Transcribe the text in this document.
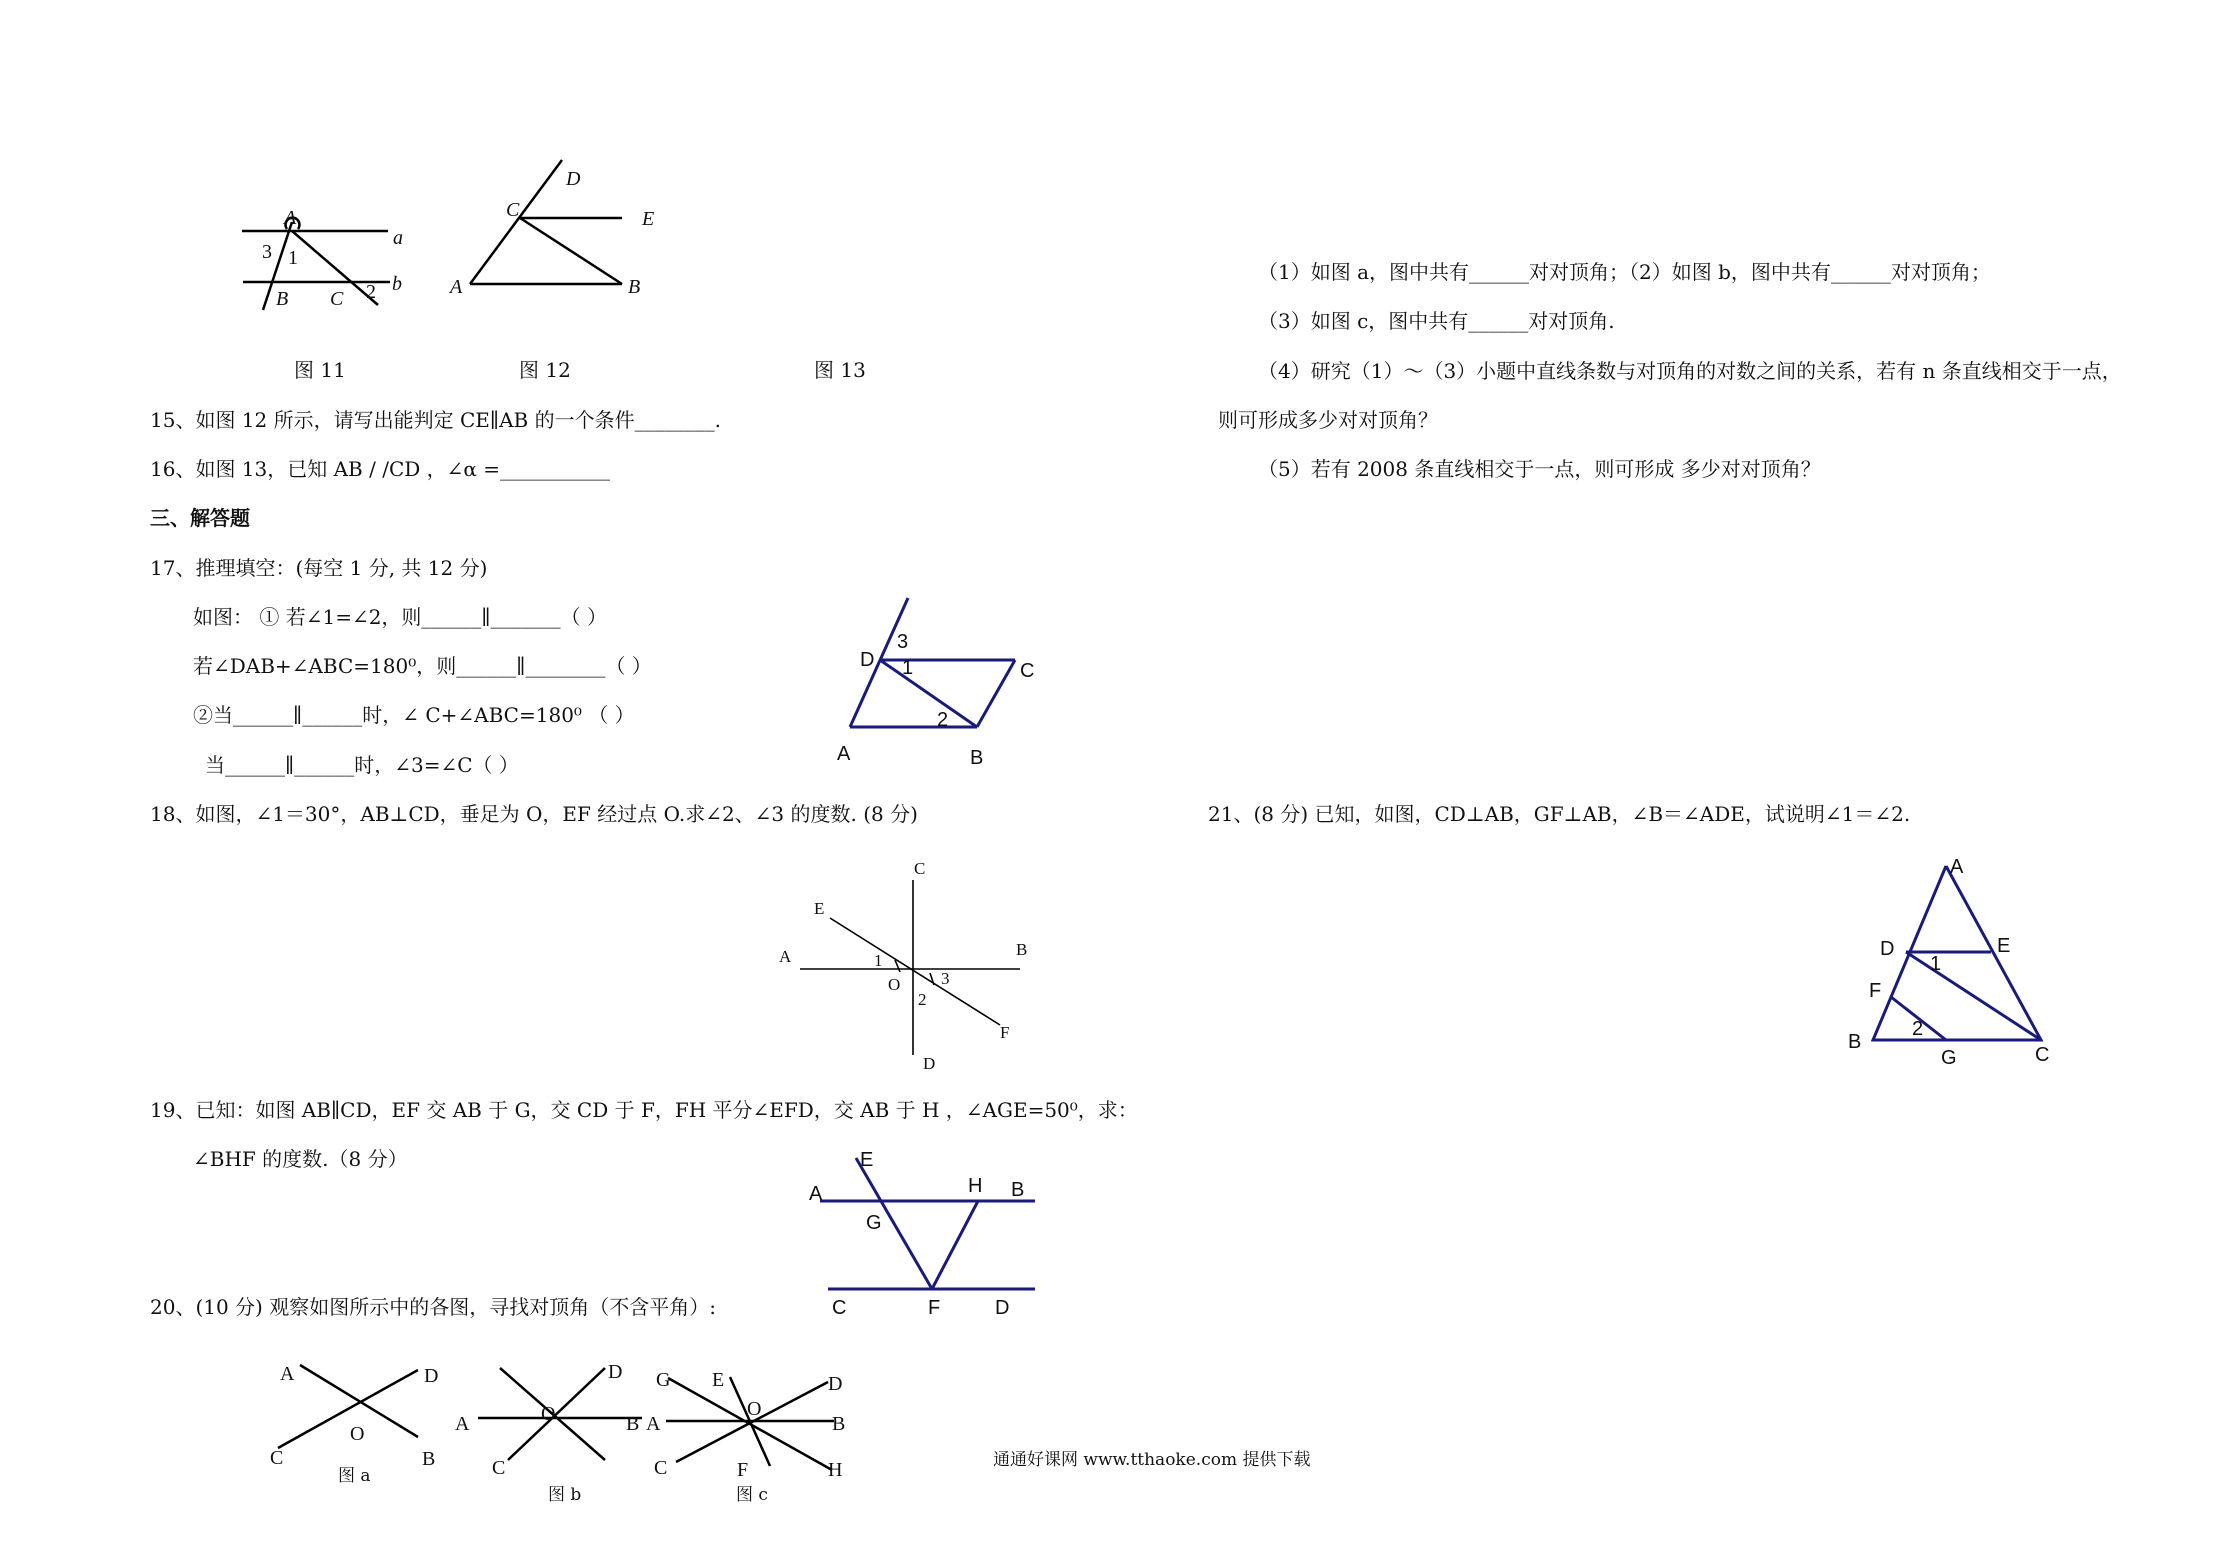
A
a
3 1
b
B C 2
D
C	E
A	B
图 11	图 12	图 13
15、如图 12 所示，请写出能判定 CE∥AB 的一个条件________.
16、如图 13，已知 AB / /CD ，∠α =___________
三、解答题
17、推理填空：(每空 1 分, 共 12 分)
如图： ① 若∠1=∠2，则______∥_______（ ）
若∠DAB+∠ABC=180⁰，则______∥________（ ）
②当______∥______时，∠ C+∠ABC=180⁰ （ ）
当______∥______时，∠3=∠C（ ）
18、如图，∠1＝30°，AB⊥CD，垂足为 O，EF 经过点 O.求∠2、∠3 的度数. (8 分)
19、已知：如图 AB∥CD，EF 交 AB 于 G，交 CD 于 F，FH 平分∠EFD，交 AB 于 H ，∠AGE=50⁰，求：
∠BHF 的度数.（8 分）
20、(10 分) 观察如图所示中的各图，寻找对顶角（不含平角）:
3
D 1	C
2
A	B
C
E
A	B
1
O 3
2
F
D
E
A	H B
G
C	F	D
A	D
O
C	B
图 a
D
O
A	B
C
图 b
G E
O
D
A	B
C	F	H
图 c
通通好课网 www.tthaoke.com 提供下载
（1）如图 a，图中共有______对对顶角；（2）如图 b，图中共有______对对顶角；
（3）如图 c，图中共有______对对顶角.
（4）研究（1）～（3）小题中直线条数与对顶角的对数之间的关系，若有 n 条直线相交于一点，
则可形成多少对对顶角？
（5）若有 2008 条直线相交于一点，则可形成 多少对对顶角？
21、(8 分) 已知，如图，CD⊥AB，GF⊥AB，∠B＝∠ADE，试说明∠1＝∠2.
A
D	E
1
F
2
B
G	C
